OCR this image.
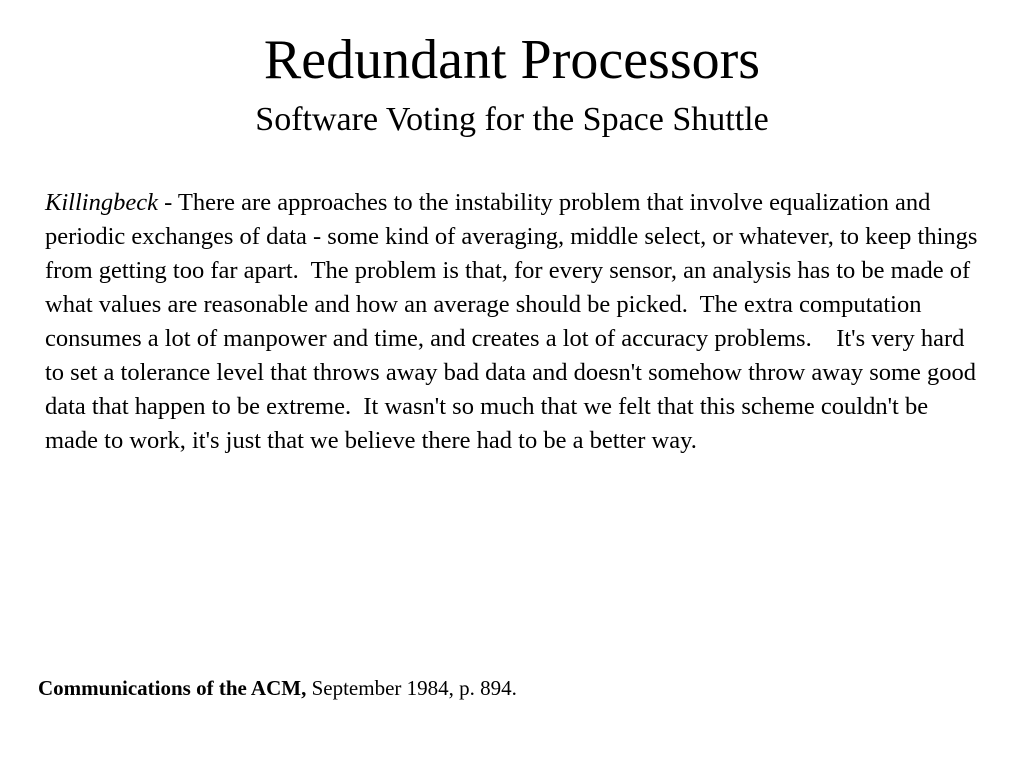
Redundant Processors
Software Voting for the Space Shuttle

Killingbeck - There are approaches to the instability problem that involve equalization and periodic exchanges of data - some kind of averaging, middle select, or whatever, to keep things from getting too far apart.  The problem is that, for every sensor, an analysis has to be made of what values are reasonable and how an average should be picked.  The extra computation consumes a lot of manpower and time, and creates a lot of accuracy problems.    It's very hard to set a tolerance level that throws away bad data and doesn't somehow throw away some good data that happen to be extreme.  It wasn't so much that we felt that this scheme couldn't be made to work, it's just that we believe there had to be a better way.

Communications of the ACM, September 1984, p. 894.
